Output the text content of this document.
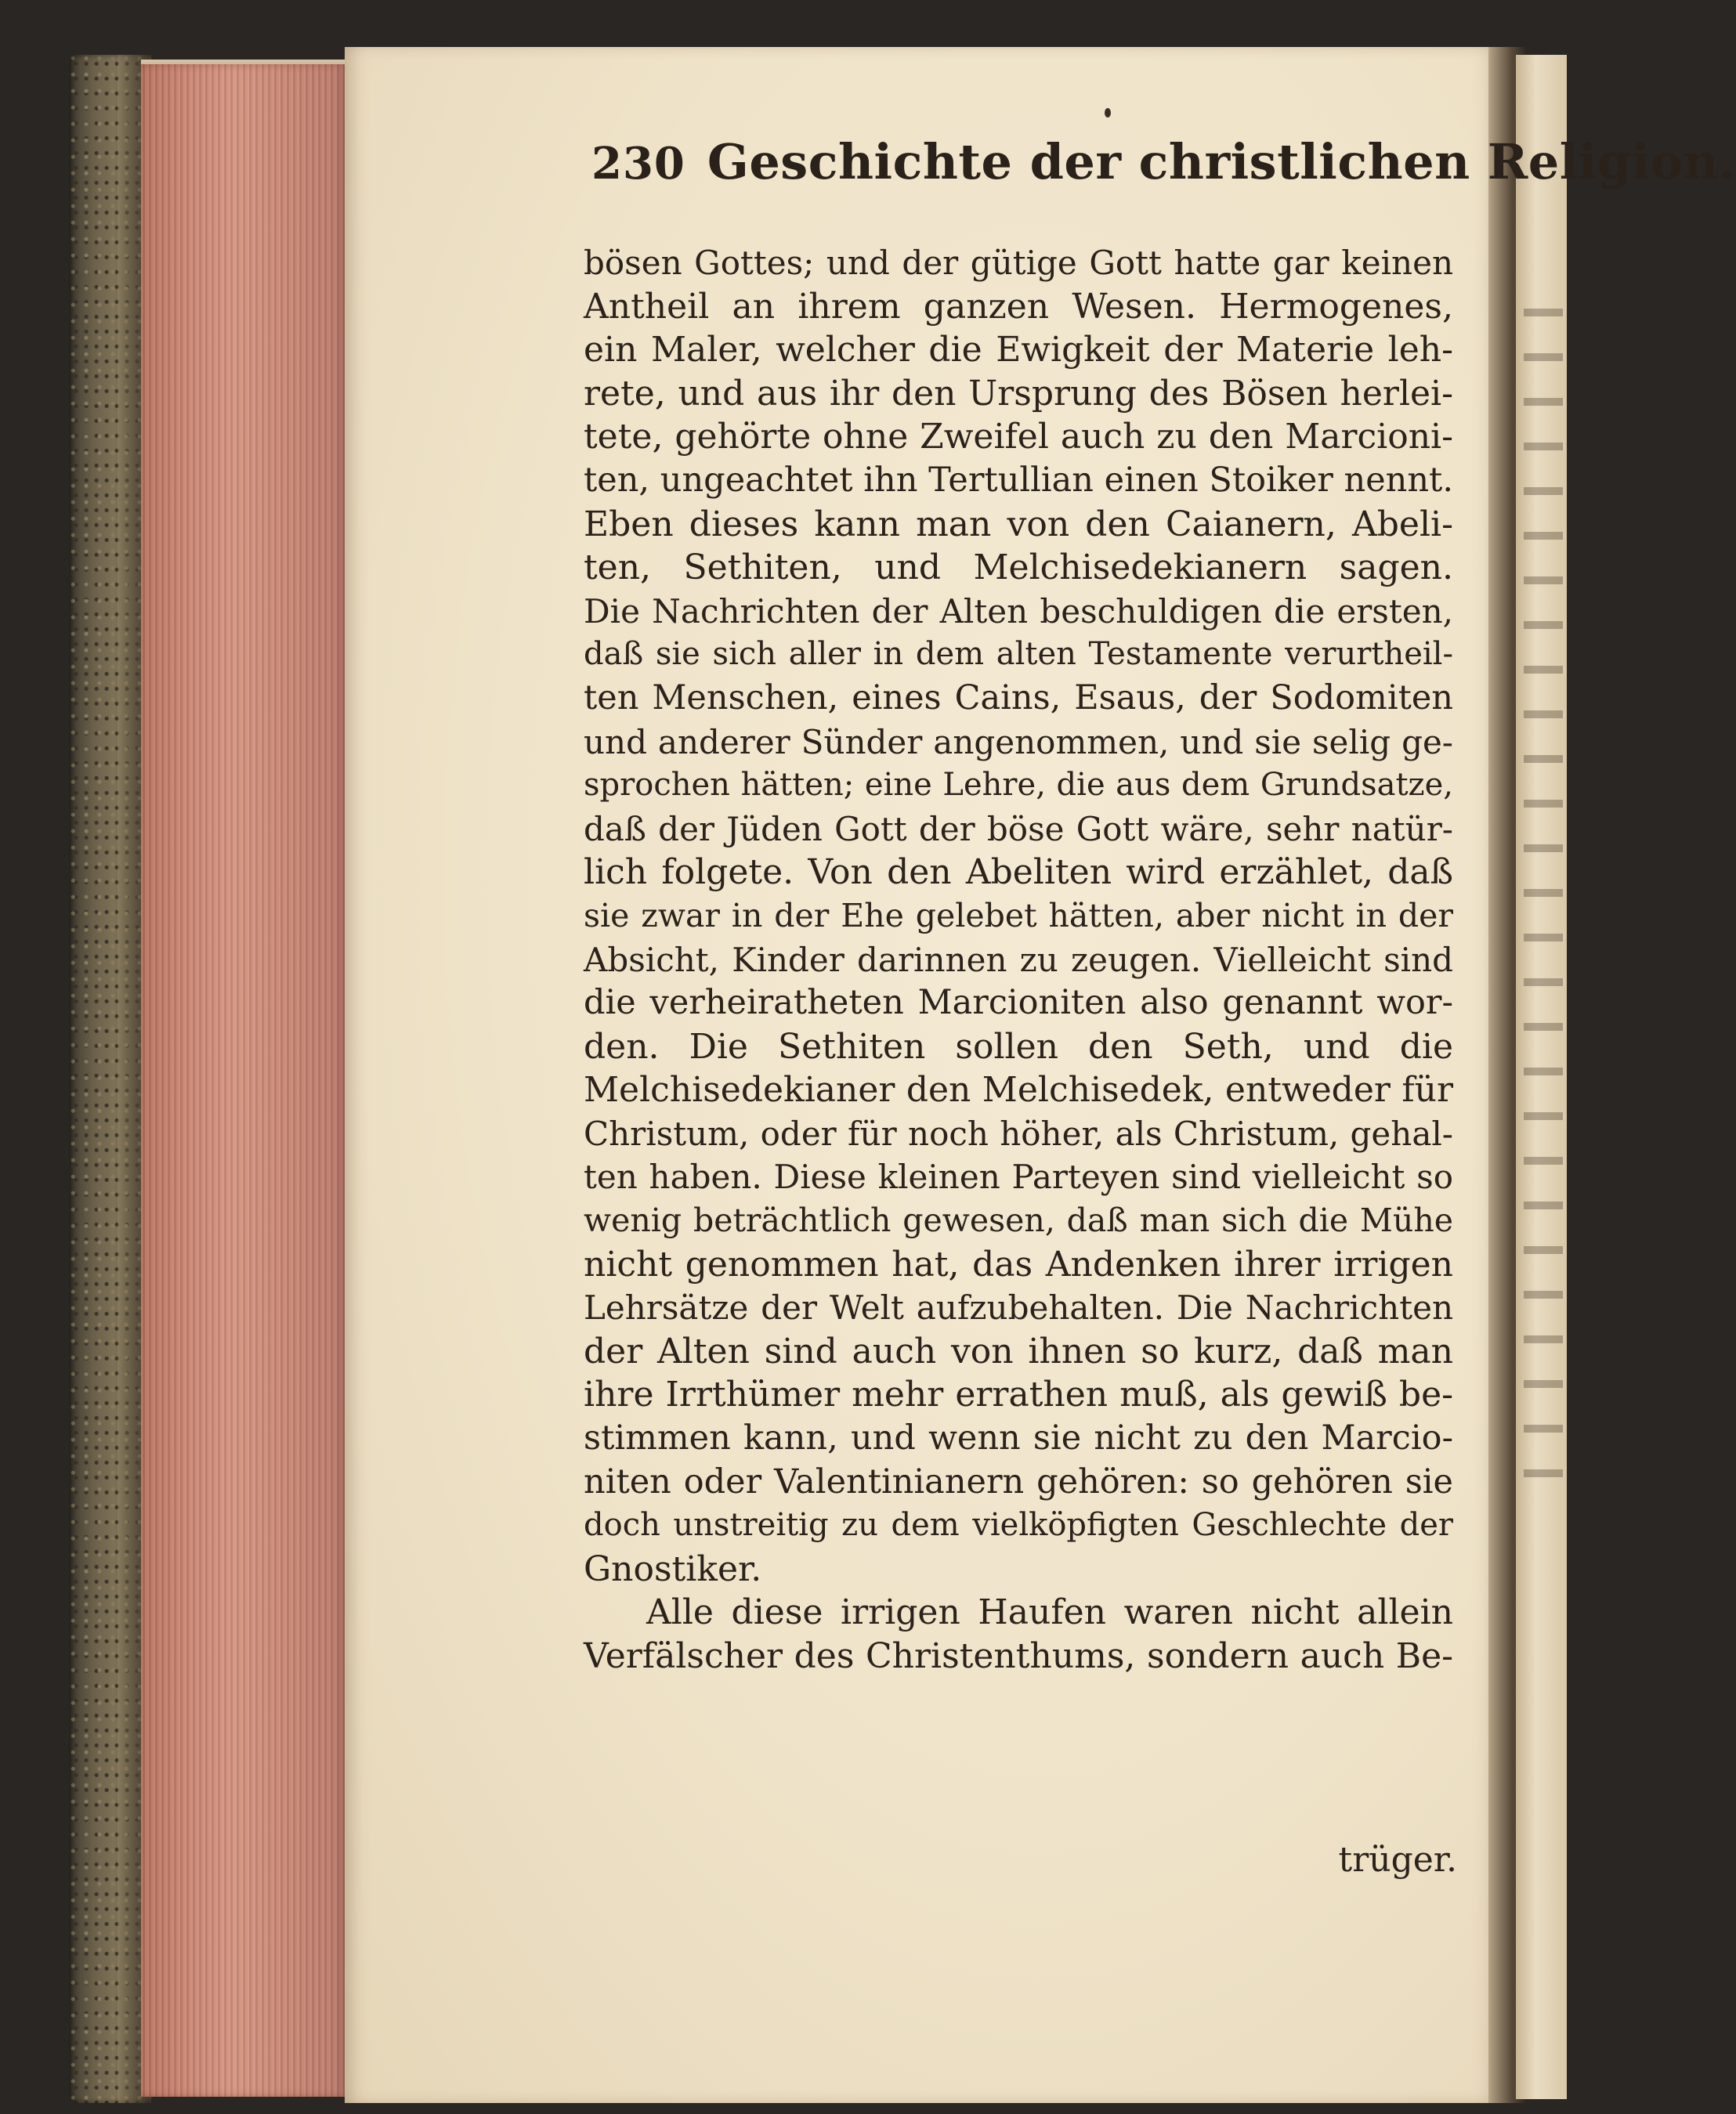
230 Geschichte der christlichen Religion.
bösen Gottes; und der gütige Gott hatte gar keinen
Antheil an ihrem ganzen Wesen. Hermogenes,
ein Maler, welcher die Ewigkeit der Materie leh-
rete, und aus ihr den Ursprung des Bösen herlei-
tete, gehörte ohne Zweifel auch zu den Marcioni-
ten, ungeachtet ihn Tertullian einen Stoiker nennt.
Eben dieses kann man von den Caianern, Abeli-
ten, Sethiten, und Melchisedekianern sagen.
Die Nachrichten der Alten beschuldigen die ersten,
daß sie sich aller in dem alten Testamente verurtheil-
ten Menschen, eines Cains, Esaus, der Sodomiten
und anderer Sünder angenommen, und sie selig ge-
sprochen hätten; eine Lehre, die aus dem Grundsatze,
daß der Jüden Gott der böse Gott wäre, sehr natür-
lich folgete. Von den Abeliten wird erzählet, daß
sie zwar in der Ehe gelebet hätten, aber nicht in der
Absicht, Kinder darinnen zu zeugen. Vielleicht sind
die verheiratheten Marcioniten also genannt wor-
den. Die Sethiten sollen den Seth, und die
Melchisedekianer den Melchisedek, entweder für
Christum, oder für noch höher, als Christum, gehal-
ten haben. Diese kleinen Parteyen sind vielleicht so
wenig beträchtlich gewesen, daß man sich die Mühe
nicht genommen hat, das Andenken ihrer irrigen
Lehrsätze der Welt aufzubehalten. Die Nachrichten
der Alten sind auch von ihnen so kurz, daß man
ihre Irrthümer mehr errathen muß, als gewiß be-
stimmen kann, und wenn sie nicht zu den Marcio-
niten oder Valentinianern gehören: so gehören sie
doch unstreitig zu dem vielköpfigten Geschlechte der
Gnostiker.
Alle diese irrigen Haufen waren nicht allein
Verfälscher des Christenthums, sondern auch Be-
trüger.
